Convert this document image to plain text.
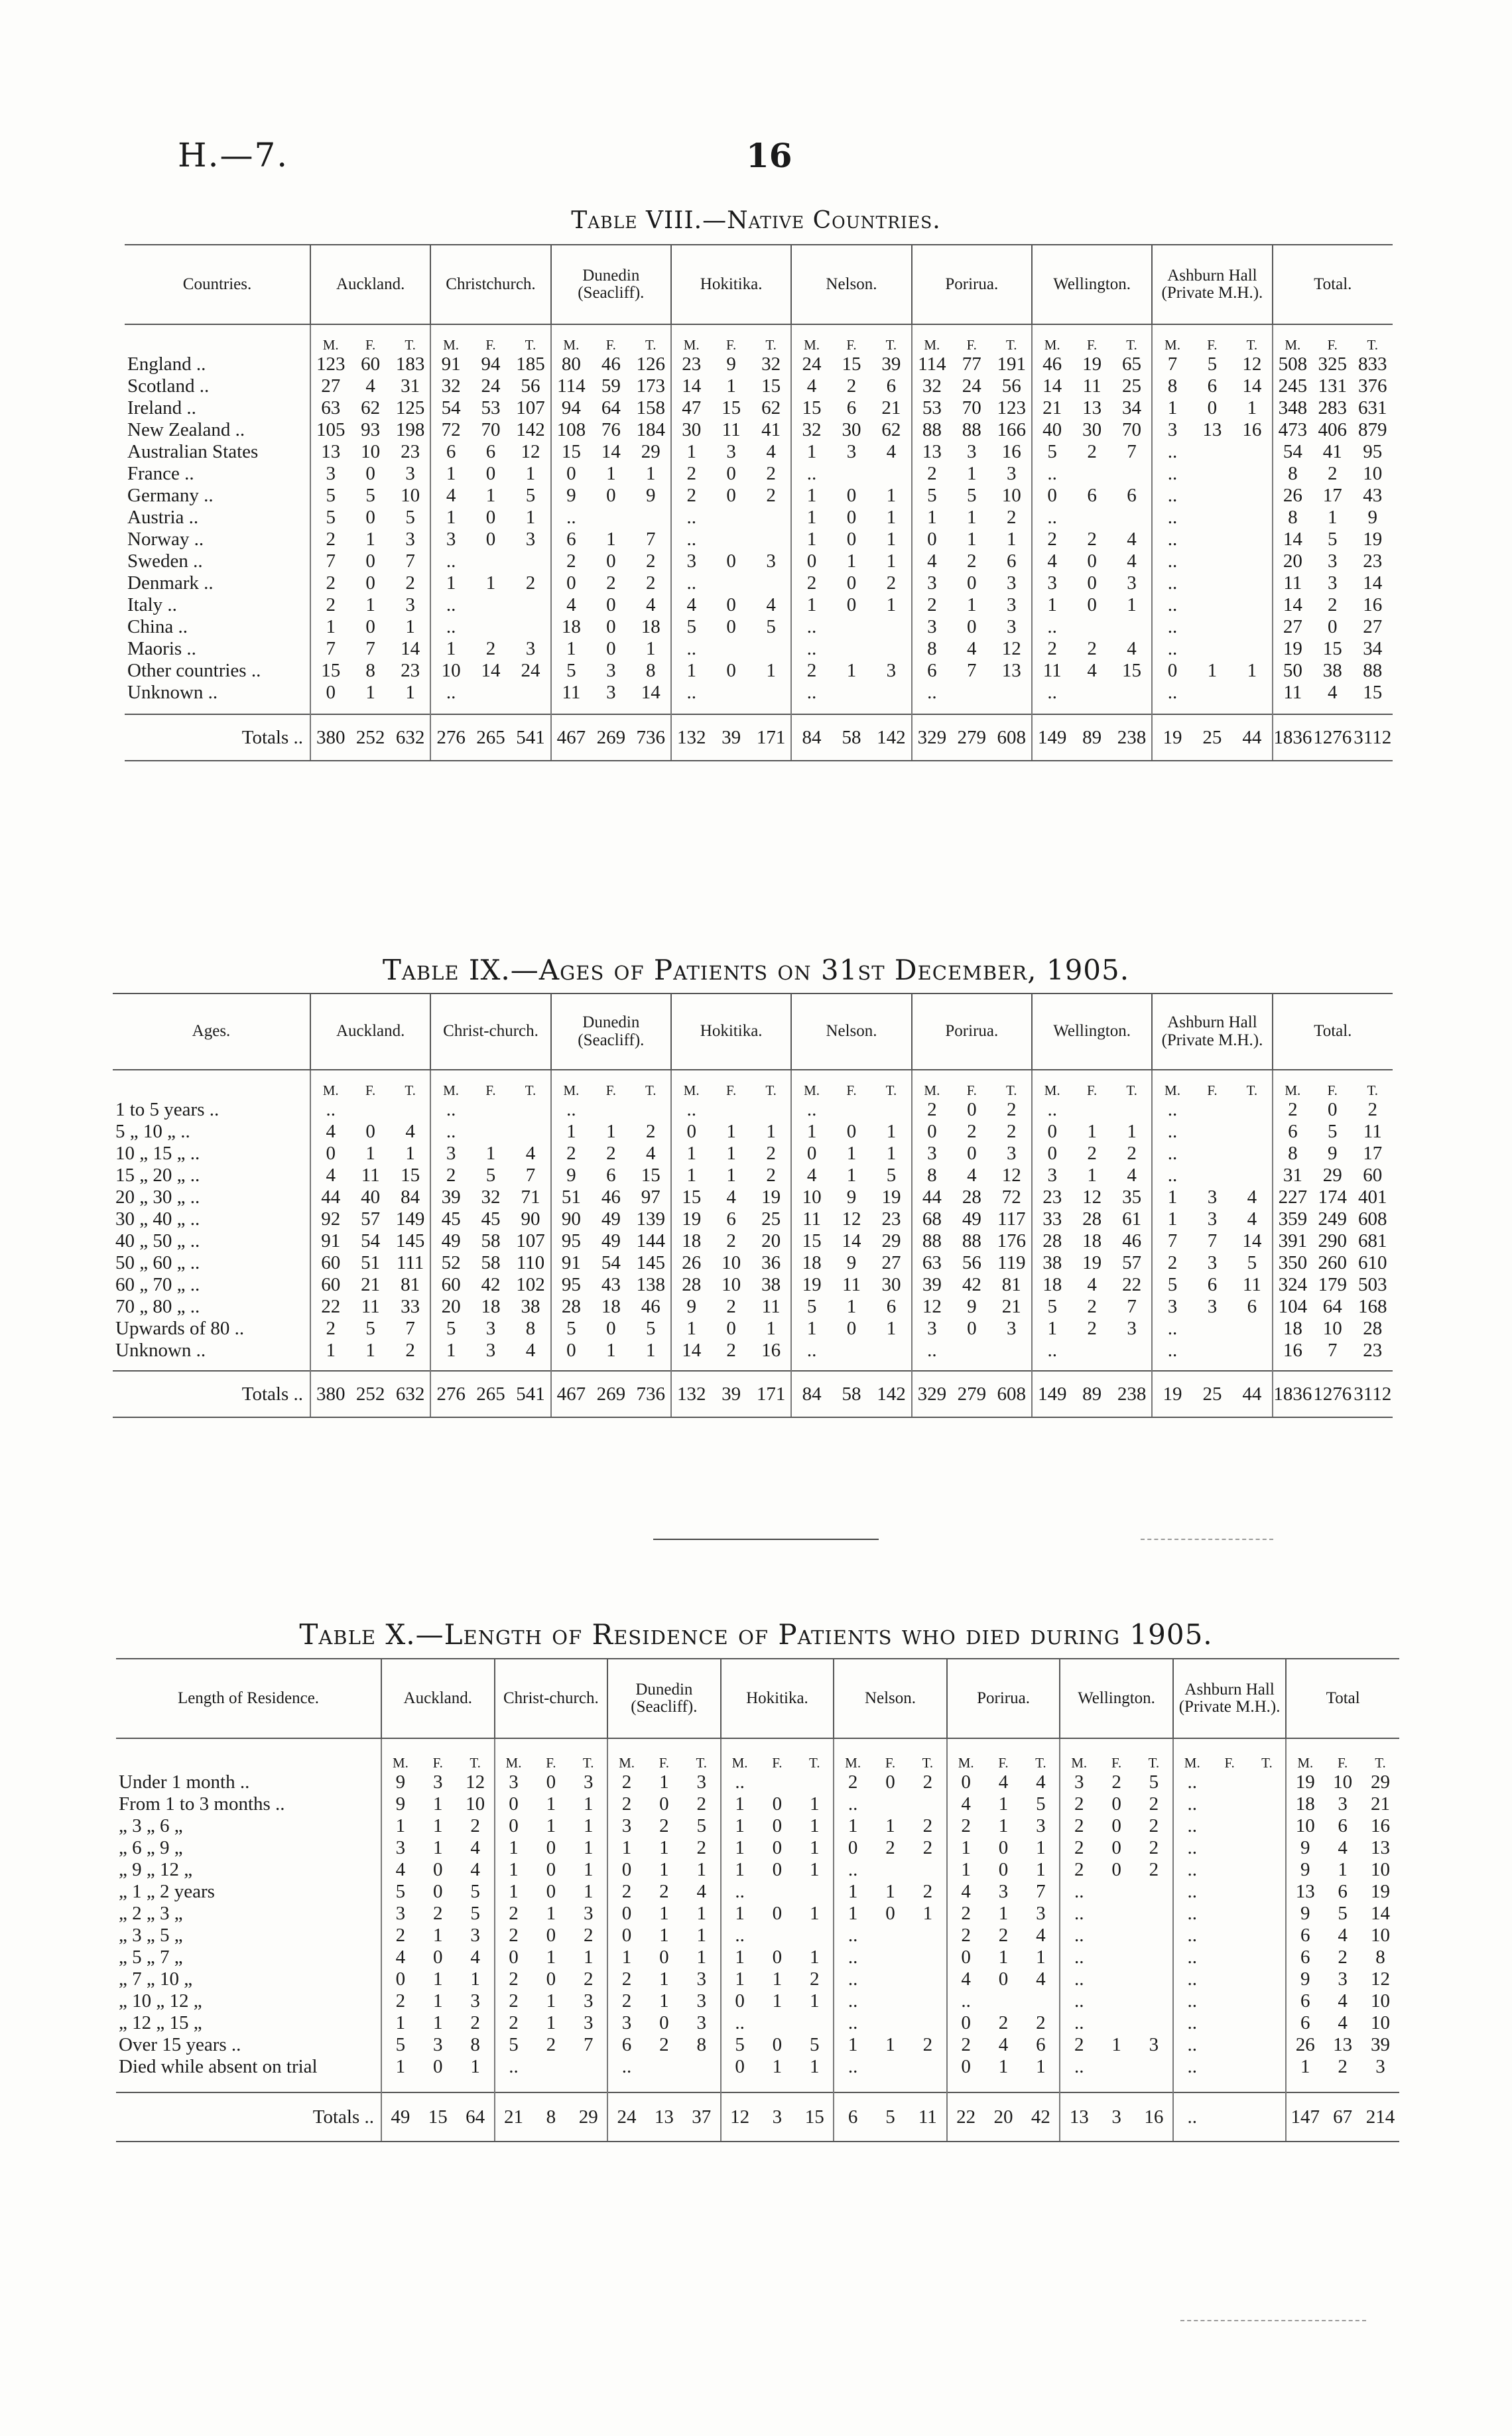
H.—7.	16
Table VIII.—Native Countries.
Countries.	Auckland.			Christchurch.			Dunedin (Seacliff).			Hokitika.			Nelson.			Porirua.			Wellington.			Ashburn Hall (Private M.H.).			Total.		
	M.	F.	T.	M.	F.	T.	M.	F.	T.	M.	F.	T.	M.	F.	T.	M.	F.	T.	M.	F.	T.	M.	F.	T.	M.	F.	T.
England ..	123	60	183	91	94	185	80	46	126	23	9	32	24	15	39	114	77	191	46	19	65	7	5	12	508	325	833
Scotland ..	27	4	31	32	24	56	114	59	173	14	1	15	4	2	6	32	24	56	14	11	25	8	6	14	245	131	376
Ireland ..	63	62	125	54	53	107	94	64	158	47	15	62	15	6	21	53	70	123	21	13	34	1	0	1	348	283	631
New Zealand ..	105	93	198	72	70	142	108	76	184	30	11	41	32	30	62	88	88	166	40	30	70	3	13	16	473	406	879
Australian States	13	10	23	6	6	12	15	14	29	1	3	4	1	3	4	13	3	16	5	2	7	..			54	41	95
France ..	3	0	3	1	0	1	0	1	1	2	0	2	..			2	1	3	..			..			8	2	10
Germany ..	5	5	10	4	1	5	9	0	9	2	0	2	1	0	1	5	5	10	0	6	6	..			26	17	43
Austria ..	5	0	5	1	0	1	..			..			1	0	1	1	1	2	..			..			8	1	9
Norway ..	2	1	3	3	0	3	6	1	7	..			1	0	1	0	1	1	2	2	4	..			14	5	19
Sweden ..	7	0	7	..			2	0	2	3	0	3	0	1	1	4	2	6	4	0	4	..			20	3	23
Denmark ..	2	0	2	1	1	2	0	2	2	..			2	0	2	3	0	3	3	0	3	..			11	3	14
Italy ..	2	1	3	..			4	0	4	4	0	4	1	0	1	2	1	3	1	0	1	..			14	2	16
China ..	1	0	1	..			18	0	18	5	0	5	..			3	0	3	..			..			27	0	27
Maoris ..	7	7	14	1	2	3	1	0	1	..			..			8	4	12	2	2	4	..			19	15	34
Other countries ..	15	8	23	10	14	24	5	3	8	1	0	1	2	1	3	6	7	13	11	4	15	0	1	1	50	38	88
Unknown ..	0	1	1	..			11	3	14	..			..			..			..			..			11	4	15

Totals ..	380	252	632	276	265	541	467	269	736	132	39	171	84	58	142	329	279	608	149	89	238	19	25	44	1836	1276	3112
Table IX.—Ages of Patients on 31st December, 1905.
Ages.	Auckland.			Christ-church.			Dunedin (Seacliff).			Hokitika.			Nelson.			Porirua.			Wellington.			Ashburn Hall (Private M.H.).			Total.		
	M.	F.	T.	M.	F.	T.	M.	F.	T.	M.	F.	T.	M.	F.	T.	M.	F.	T.	M.	F.	T.	M.	F.	T.	M.	F.	T.
1 to 5 years ..	..			..			..			..			..			2	0	2	..			..			2	0	2
5 „ 10 „ ..	4	0	4	..			1	1	2	0	1	1	1	0	1	0	2	2	0	1	1	..			6	5	11
10 „ 15 „ ..	0	1	1	3	1	4	2	2	4	1	1	2	0	1	1	3	0	3	0	2	2	..			8	9	17
15 „ 20 „ ..	4	11	15	2	5	7	9	6	15	1	1	2	4	1	5	8	4	12	3	1	4	..			31	29	60
20 „ 30 „ ..	44	40	84	39	32	71	51	46	97	15	4	19	10	9	19	44	28	72	23	12	35	1	3	4	227	174	401
30 „ 40 „ ..	92	57	149	45	45	90	90	49	139	19	6	25	11	12	23	68	49	117	33	28	61	1	3	4	359	249	608
40 „ 50 „ ..	91	54	145	49	58	107	95	49	144	18	2	20	15	14	29	88	88	176	28	18	46	7	7	14	391	290	681
50 „ 60 „ ..	60	51	111	52	58	110	91	54	145	26	10	36	18	9	27	63	56	119	38	19	57	2	3	5	350	260	610
60 „ 70 „ ..	60	21	81	60	42	102	95	43	138	28	10	38	19	11	30	39	42	81	18	4	22	5	6	11	324	179	503
70 „ 80 „ ..	22	11	33	20	18	38	28	18	46	9	2	11	5	1	6	12	9	21	5	2	7	3	3	6	104	64	168
Upwards of 80 ..	2	5	7	5	3	8	5	0	5	1	0	1	1	0	1	3	0	3	1	2	3	..			18	10	28
Unknown ..	1	1	2	1	3	4	0	1	1	14	2	16	..			..			..			..			16	7	23

Totals ..	380	252	632	276	265	541	467	269	736	132	39	171	84	58	142	329	279	608	149	89	238	19	25	44	1836	1276	3112
Table X.—Length of Residence of Patients who died during 1905.
Length of Residence.	Auckland.			Christ-church.			Dunedin (Seacliff).			Hokitika.			Nelson.			Porirua.			Wellington.			Ashburn Hall (Private M.H.).			Total		
	M.	F.	T.	M.	F.	T.	M.	F.	T.	M.	F.	T.	M.	F.	T.	M.	F.	T.	M.	F.	T.	M.	F.	T.	M.	F.	T.
Under 1 month ..	9	3	12	3	0	3	2	1	3	..			2	0	2	0	4	4	3	2	5	..			19	10	29
From 1 to 3 months ..	9	1	10	0	1	1	2	0	2	1	0	1	..			4	1	5	2	0	2	..			18	3	21
„ 3 „ 6 „	1	1	2	0	1	1	3	2	5	1	0	1	1	1	2	2	1	3	2	0	2	..			10	6	16
„ 6 „ 9 „	3	1	4	1	0	1	1	1	2	1	0	1	0	2	2	1	0	1	2	0	2	..			9	4	13
„ 9 „ 12 „	4	0	4	1	0	1	0	1	1	1	0	1	..			1	0	1	2	0	2	..			9	1	10
„ 1 „ 2 years	5	0	5	1	0	1	2	2	4	..			1	1	2	4	3	7	..			..			13	6	19
„ 2 „ 3 „	3	2	5	2	1	3	0	1	1	1	0	1	1	0	1	2	1	3	..			..			9	5	14
„ 3 „ 5 „	2	1	3	2	0	2	0	1	1	..			..			2	2	4	..			..			6	4	10
„ 5 „ 7 „	4	0	4	0	1	1	1	0	1	1	0	1	..			0	1	1	..			..			6	2	8
„ 7 „ 10 „	0	1	1	2	0	2	2	1	3	1	1	2	..			4	0	4	..			..			9	3	12
„ 10 „ 12 „	2	1	3	2	1	3	2	1	3	0	1	1	..			..			..			..			6	4	10
„ 12 „ 15 „	1	1	2	2	1	3	3	0	3	..			..			0	2	2	..			..			6	4	10
Over 15 years ..	5	3	8	5	2	7	6	2	8	5	0	5	1	1	2	2	4	6	2	1	3	..			26	13	39
Died while absent on trial	1	0	1	..			..			0	1	1	..			0	1	1	..			..			1	2	3

Totals ..	49	15	64	21	8	29	24	13	37	12	3	15	6	5	11	22	20	42	13	3	16	..			147	67	214
